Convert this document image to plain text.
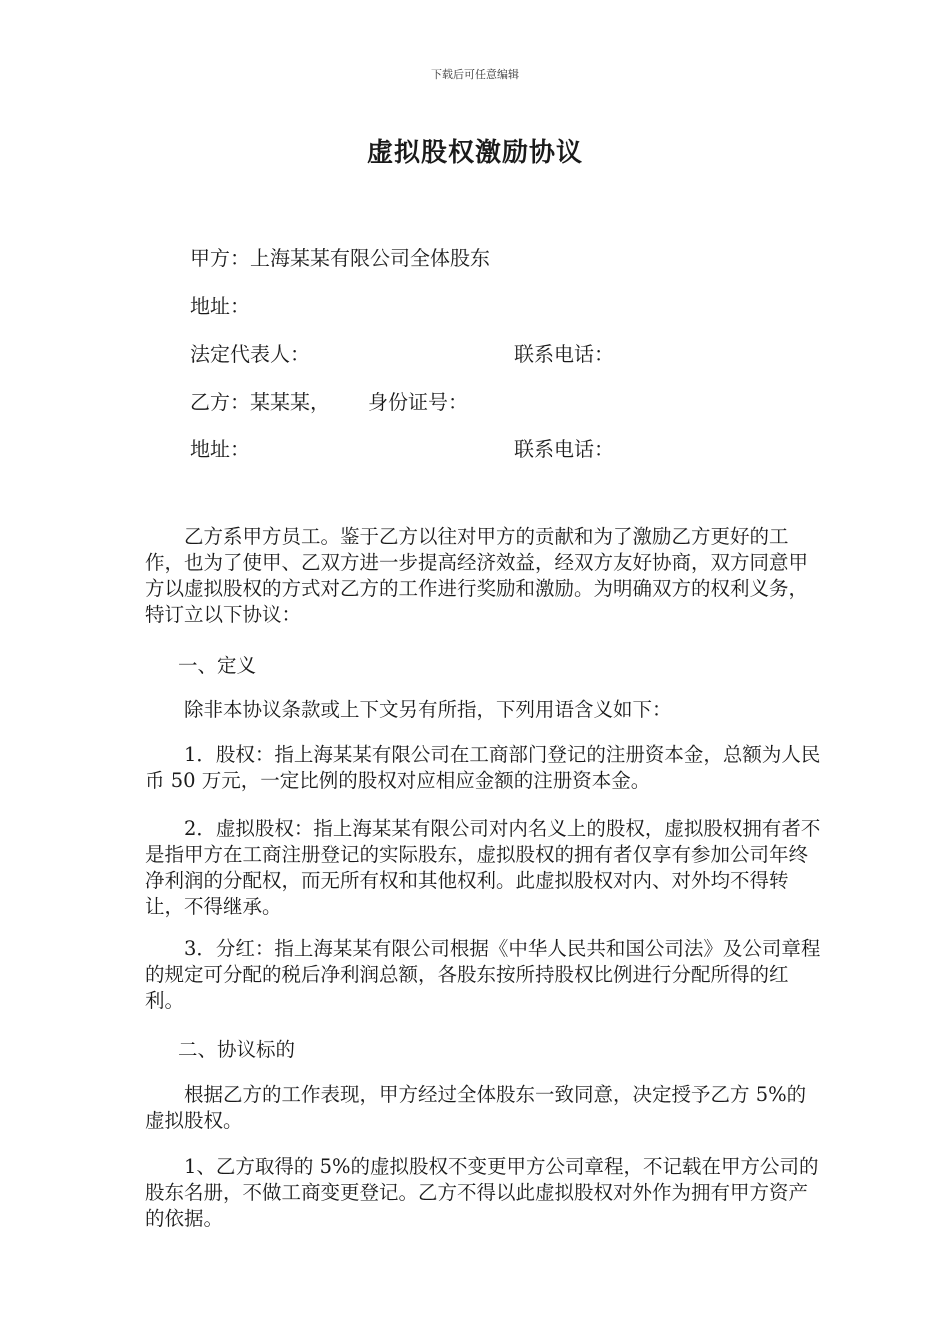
下载后可任意编辑
虚拟股权激励协议
甲方：上海某某有限公司全体股东
地址：
法定代表人：	联系电话：
乙方：某某某， 身份证号：
地址：	联系电话：

乙方系甲方员工。鉴于乙方以往对甲方的贡献和为了激励乙方更好的工作，也为了使甲、乙双方进一步提高经济效益，经双方友好协商，双方同意甲方以虚拟股权的方式对乙方的工作进行奖励和激励。为明确双方的权利义务，特订立以下协议：

一、定义

除非本协议条款或上下文另有所指，下列用语含义如下：

1．股权：指上海某某有限公司在工商部门登记的注册资本金，总额为人民币 50 万元，一定比例的股权对应相应金额的注册资本金。

2．虚拟股权：指上海某某有限公司对内名义上的股权，虚拟股权拥有者不是指甲方在工商注册登记的实际股东，虚拟股权的拥有者仅享有参加公司年终净利润的分配权，而无所有权和其他权利。此虚拟股权对内、对外均不得转让，不得继承。

3．分红：指上海某某有限公司根据《中华人民共和国公司法》及公司章程的规定可分配的税后净利润总额，各股东按所持股权比例进行分配所得的红利。

二、协议标的

根据乙方的工作表现，甲方经过全体股东一致同意，决定授予乙方 5%的虚拟股权。

1、乙方取得的 5%的虚拟股权不变更甲方公司章程，不记载在甲方公司的股东名册，不做工商变更登记。乙方不得以此虚拟股权对外作为拥有甲方资产的依据。
